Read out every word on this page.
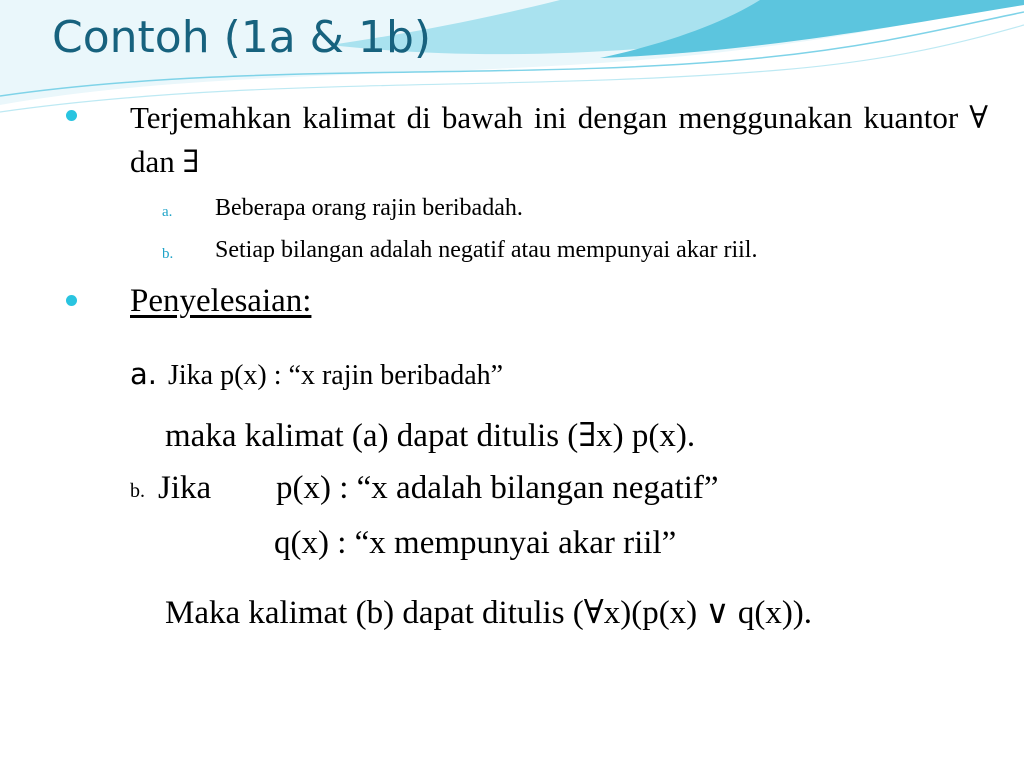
Contoh (1a & 1b)
Terjemahkan kalimat di bawah ini dengan menggunakan kuantor ∀ dan ∃
a. Beberapa orang rajin beribadah.
b. Setiap bilangan adalah negatif atau mempunyai akar riil.
Penyelesaian:
a. Jika p(x) : “x rajin beribadah”
maka kalimat (a) dapat ditulis (∃x) p(x).
b. Jika p(x) : “x adalah bilangan negatif”
q(x) : “x mempunyai akar riil”
Maka kalimat (b) dapat ditulis (∀x)(p(x) ∨ q(x)).
